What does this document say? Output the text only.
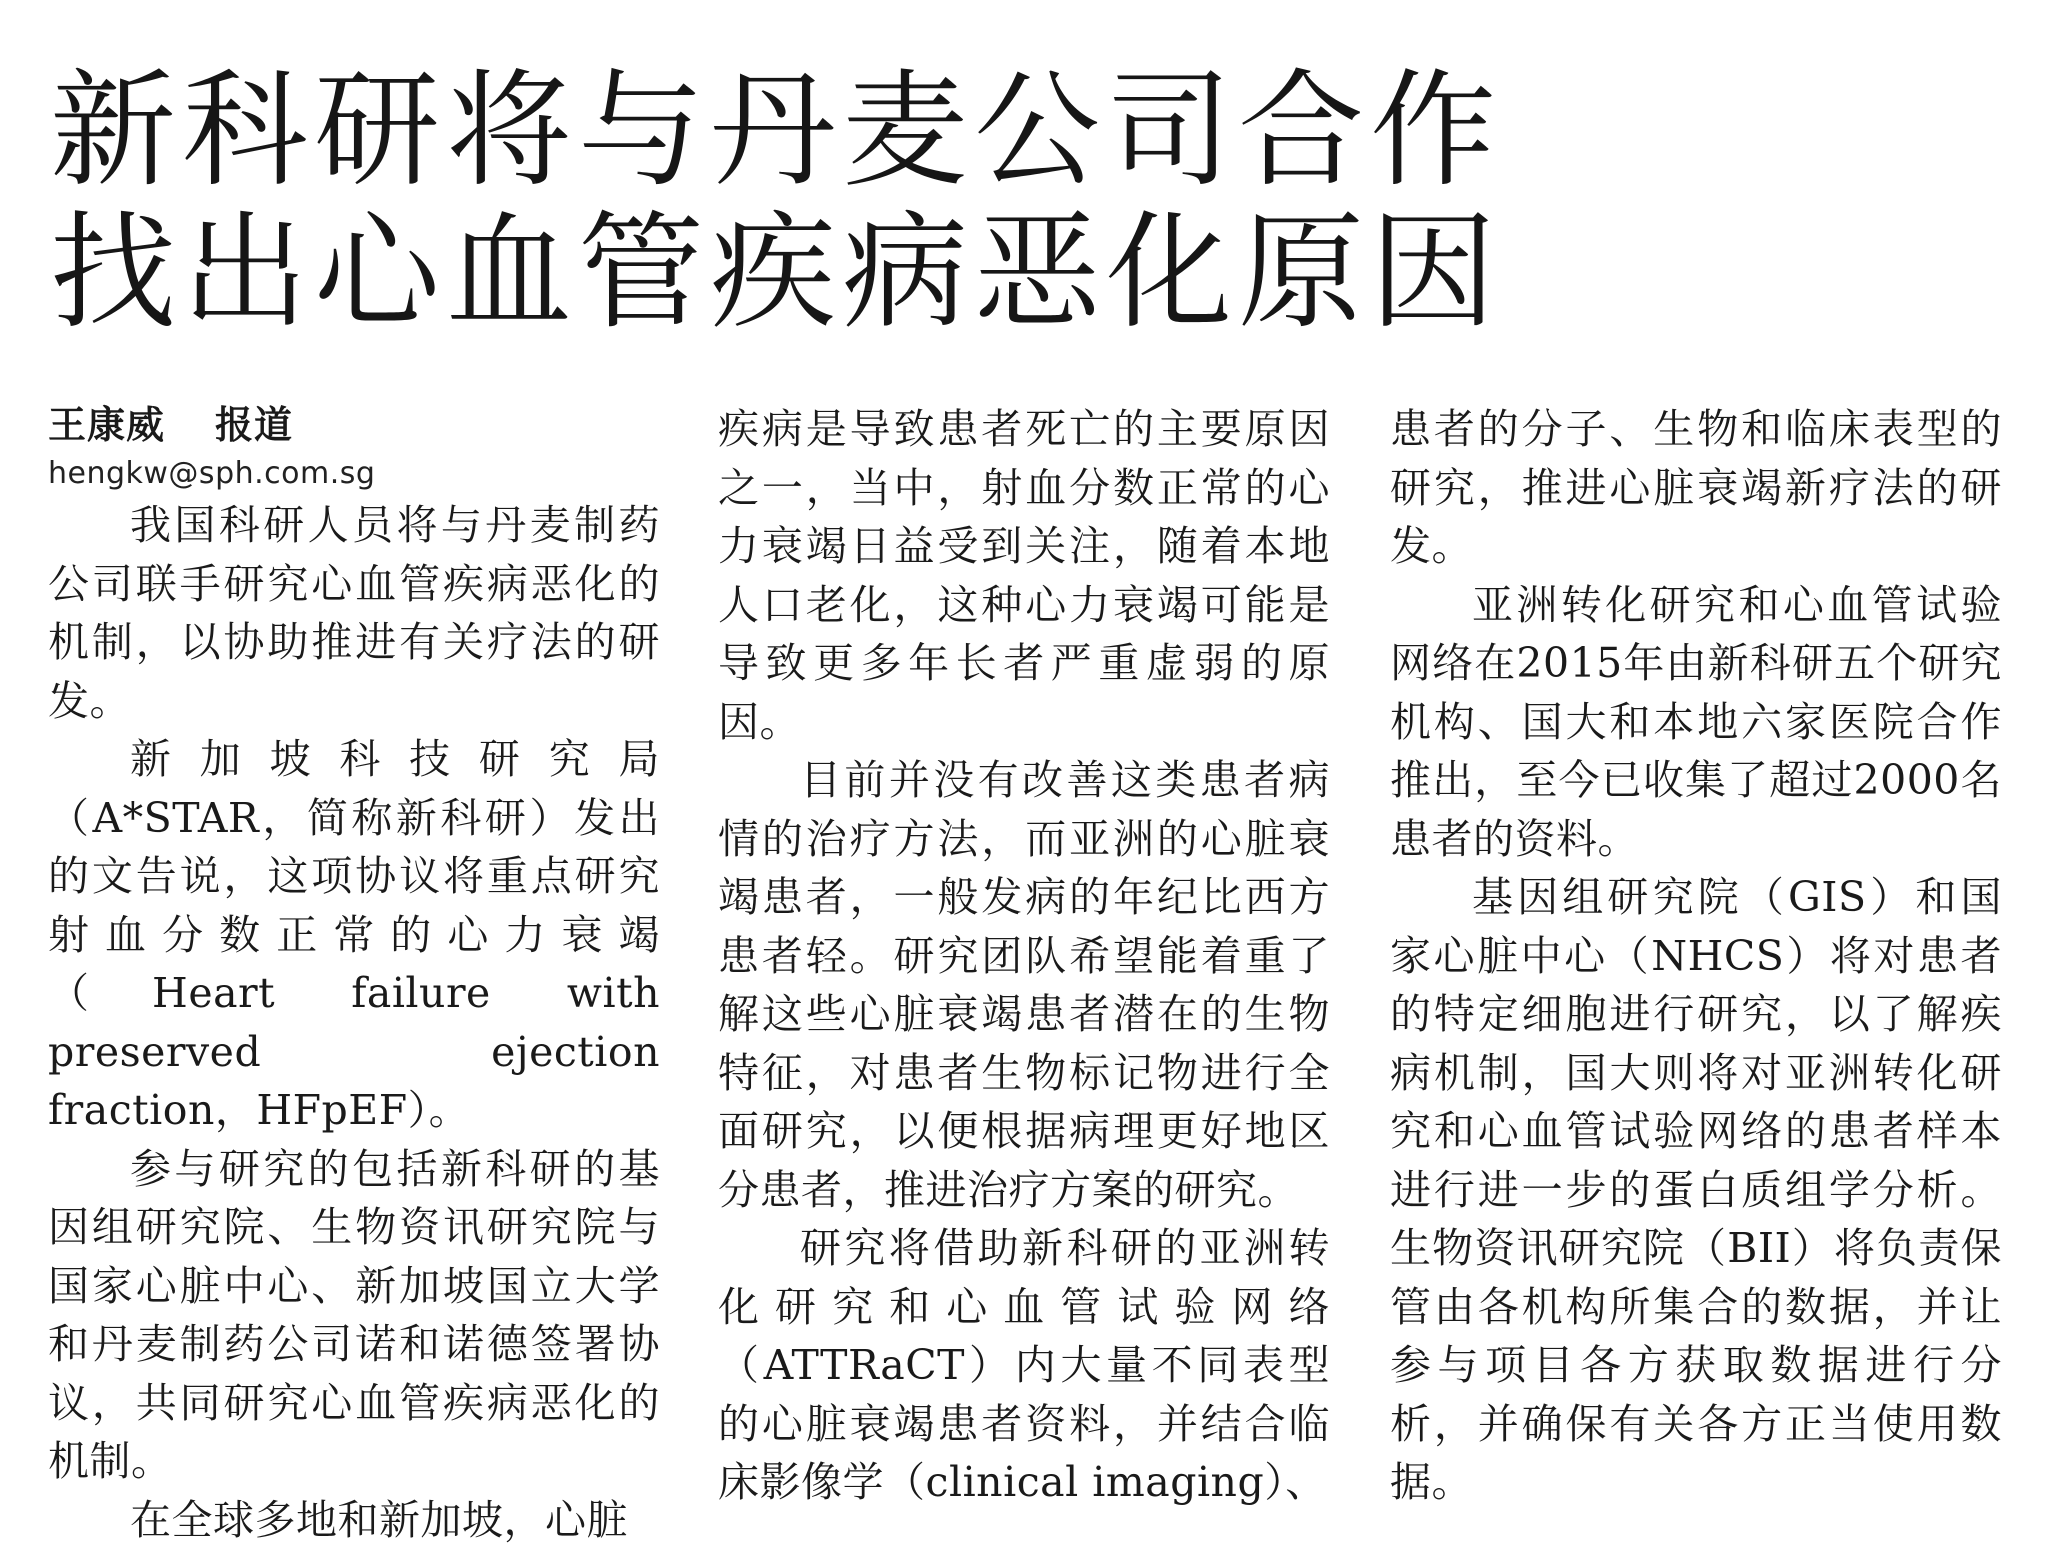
新科研将与丹麦公司合作
找出心血管疾病恶化原因

王康威 报道

hengkw@sph.com.sg

我国科研人员将与丹麦制药公司联手研究心血管疾病恶化的机制，以协助推进有关疗法的研发。

新加坡科技研究局（A*STAR，简称新科研）发出的文告说，这项协议将重点研究射血分数正常的心力衰竭（Heart failure with preserved ejection fraction，HFpEF）。

参与研究的包括新科研的基因组研究院、生物资讯研究院与国家心脏中心、新加坡国立大学和丹麦制药公司诺和诺德签署协议，共同研究心血管疾病恶化的机制。

在全球多地和新加坡，心脏

疾病是导致患者死亡的主要原因之一，当中，射血分数正常的心力衰竭日益受到关注，随着本地人口老化，这种心力衰竭可能是导致更多年长者严重虚弱的原因。

目前并没有改善这类患者病情的治疗方法，而亚洲的心脏衰竭患者，一般发病的年纪比西方患者轻。研究团队希望能着重了解这些心脏衰竭患者潜在的生物特征，对患者生物标记物进行全面研究，以便根据病理更好地区分患者，推进治疗方案的研究。

研究将借助新科研的亚洲转化研究和心血管试验网络（ATTRaCT）内大量不同表型的心脏衰竭患者资料，并结合临床影像学（clinical imaging）、

患者的分子、生物和临床表型的研究，推进心脏衰竭新疗法的研发。

亚洲转化研究和心血管试验网络在2015年由新科研五个研究机构、国大和本地六家医院合作推出，至今已收集了超过2000名患者的资料。

基因组研究院（GIS）和国家心脏中心（NHCS）将对患者的特定细胞进行研究，以了解疾病机制，国大则将对亚洲转化研究和心血管试验网络的患者样本进行进一步的蛋白质组学分析。生物资讯研究院（BII）将负责保管由各机构所集合的数据，并让参与项目各方获取数据进行分析，并确保有关各方正当使用数据。
